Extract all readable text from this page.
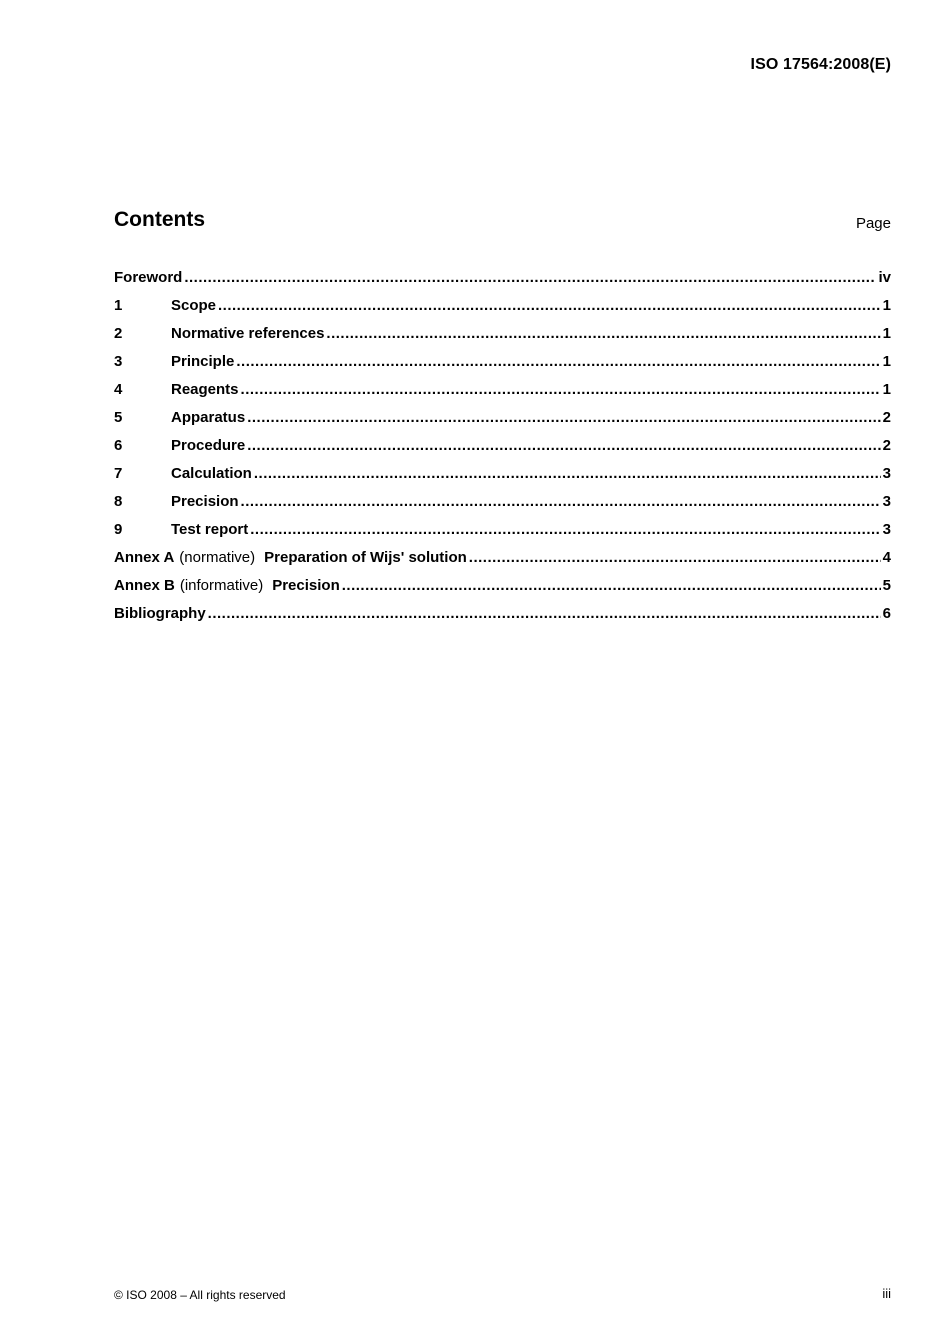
ISO 17564:2008(E)
Contents	Page
Foreword .....	iv
1	Scope .....	1
2	Normative references .....	1
3	Principle .....	1
4	Reagents .....	1
5	Apparatus .....	2
6	Procedure .....	2
7	Calculation .....	3
8	Precision .....	3
9	Test report .....	3
Annex A (normative) Preparation of Wijs' solution .....	4
Annex B (informative) Precision .....	5
Bibliography .....	6
© ISO 2008 – All rights reserved	iii
